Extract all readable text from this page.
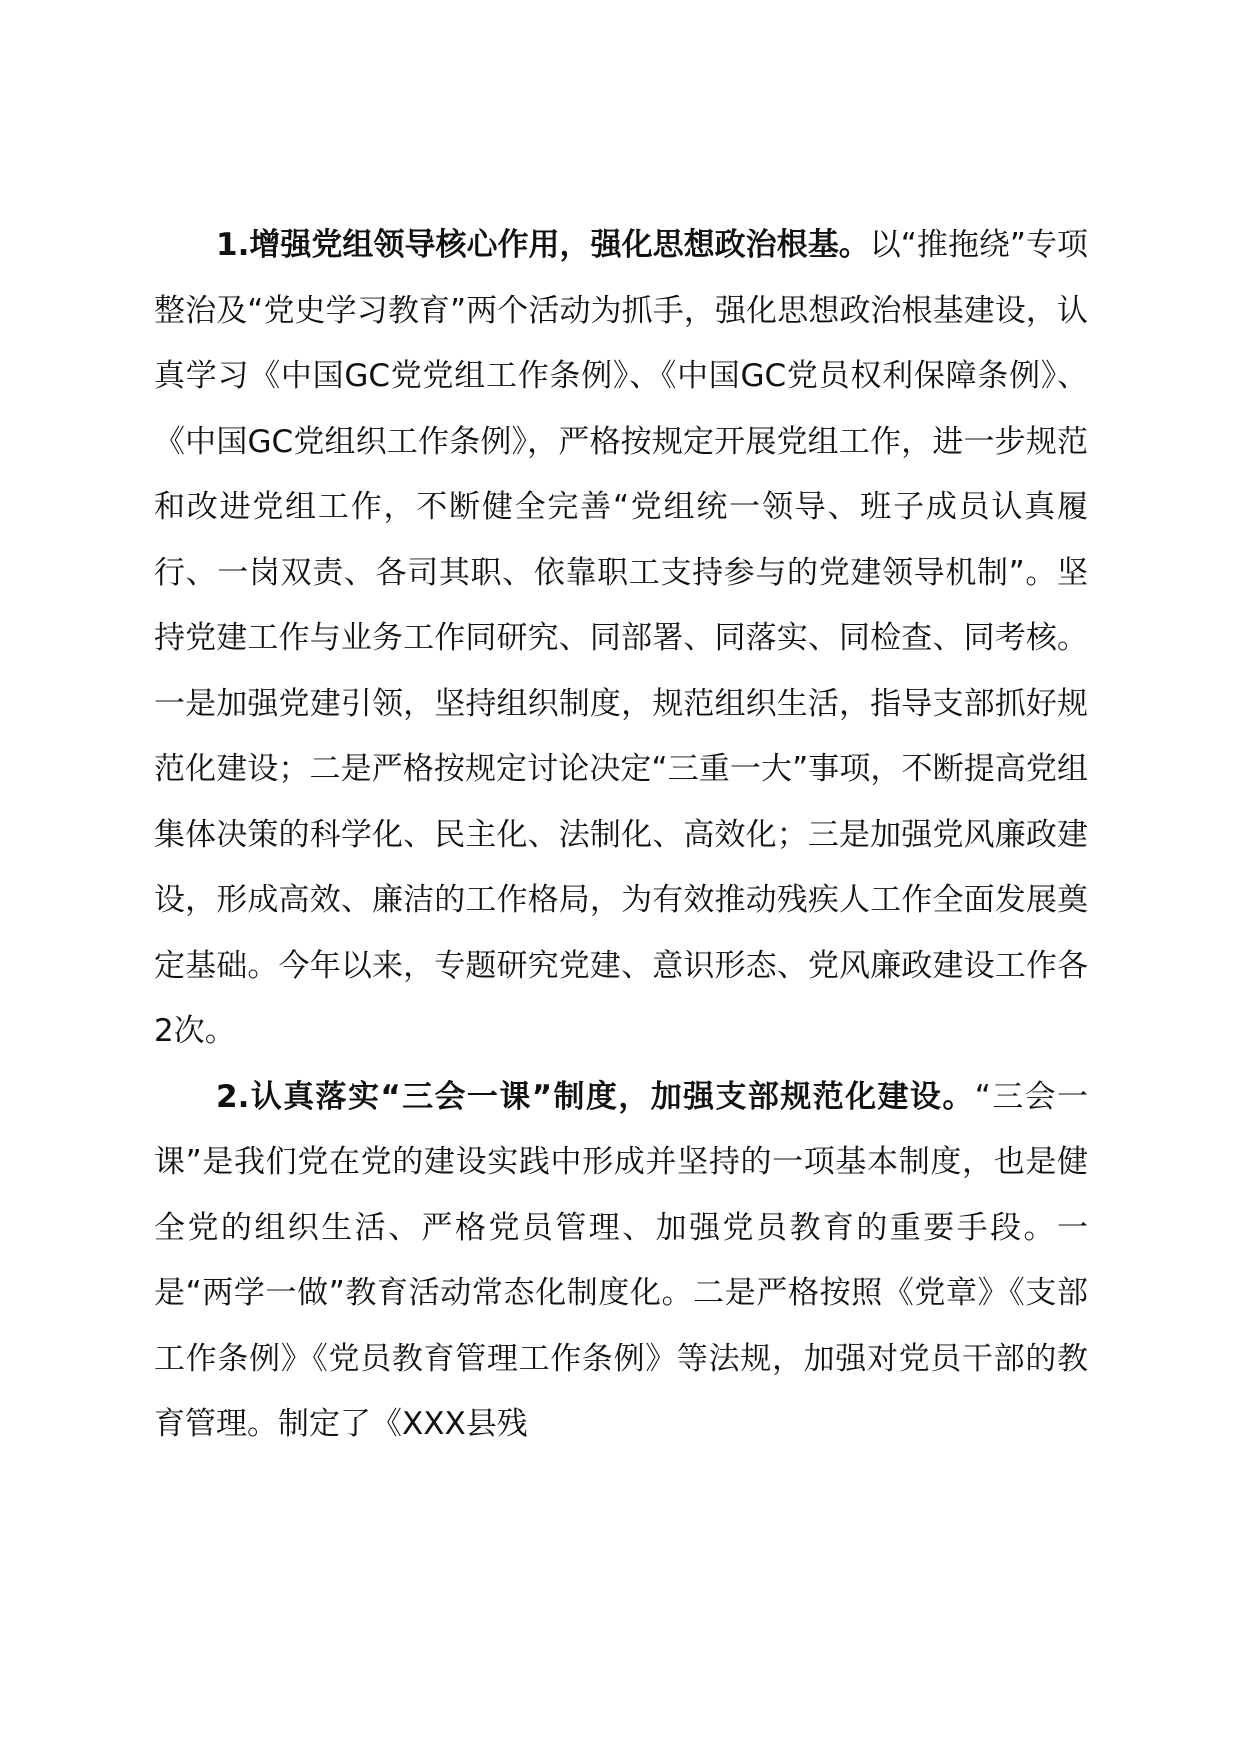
1.增强党组领导核心作用，强化思想政治根基。以“推拖绕”专项整治及“党史学习教育”两个活动为抓手，强化思想政治根基建设，认真学习《中国GC党党组工作条例》、《中国GC党员权利保障条例》、《中国GC党组织工作条例》，严格按规定开展党组工作，进一步规范和改进党组工作，不断健全完善“党组统一领导、班子成员认真履行、一岗双责、各司其职、依靠职工支持参与的党建领导机制”。坚持党建工作与业务工作同研究、同部署、同落实、同检查、同考核。一是加强党建引领，坚持组织制度，规范组织生活，指导支部抓好规范化建设；二是严格按规定讨论决定“三重一大”事项，不断提高党组集体决策的科学化、民主化、法制化、高效化；三是加强党风廉政建设，形成高效、廉洁的工作格局，为有效推动残疾人工作全面发展奠定基础。今年以来，专题研究党建、意识形态、党风廉政建设工作各2次。

2.认真落实“三会一课”制度，加强支部规范化建设。“三会一课”是我们党在党的建设实践中形成并坚持的一项基本制度，也是健全党的组织生活、严格党员管理、加强党员教育的重要手段。一是“两学一做”教育活动常态化制度化。二是严格按照《党章》《支部工作条例》《党员教育管理工作条例》等法规，加强对党员干部的教育管理。制定了《XXX县残
